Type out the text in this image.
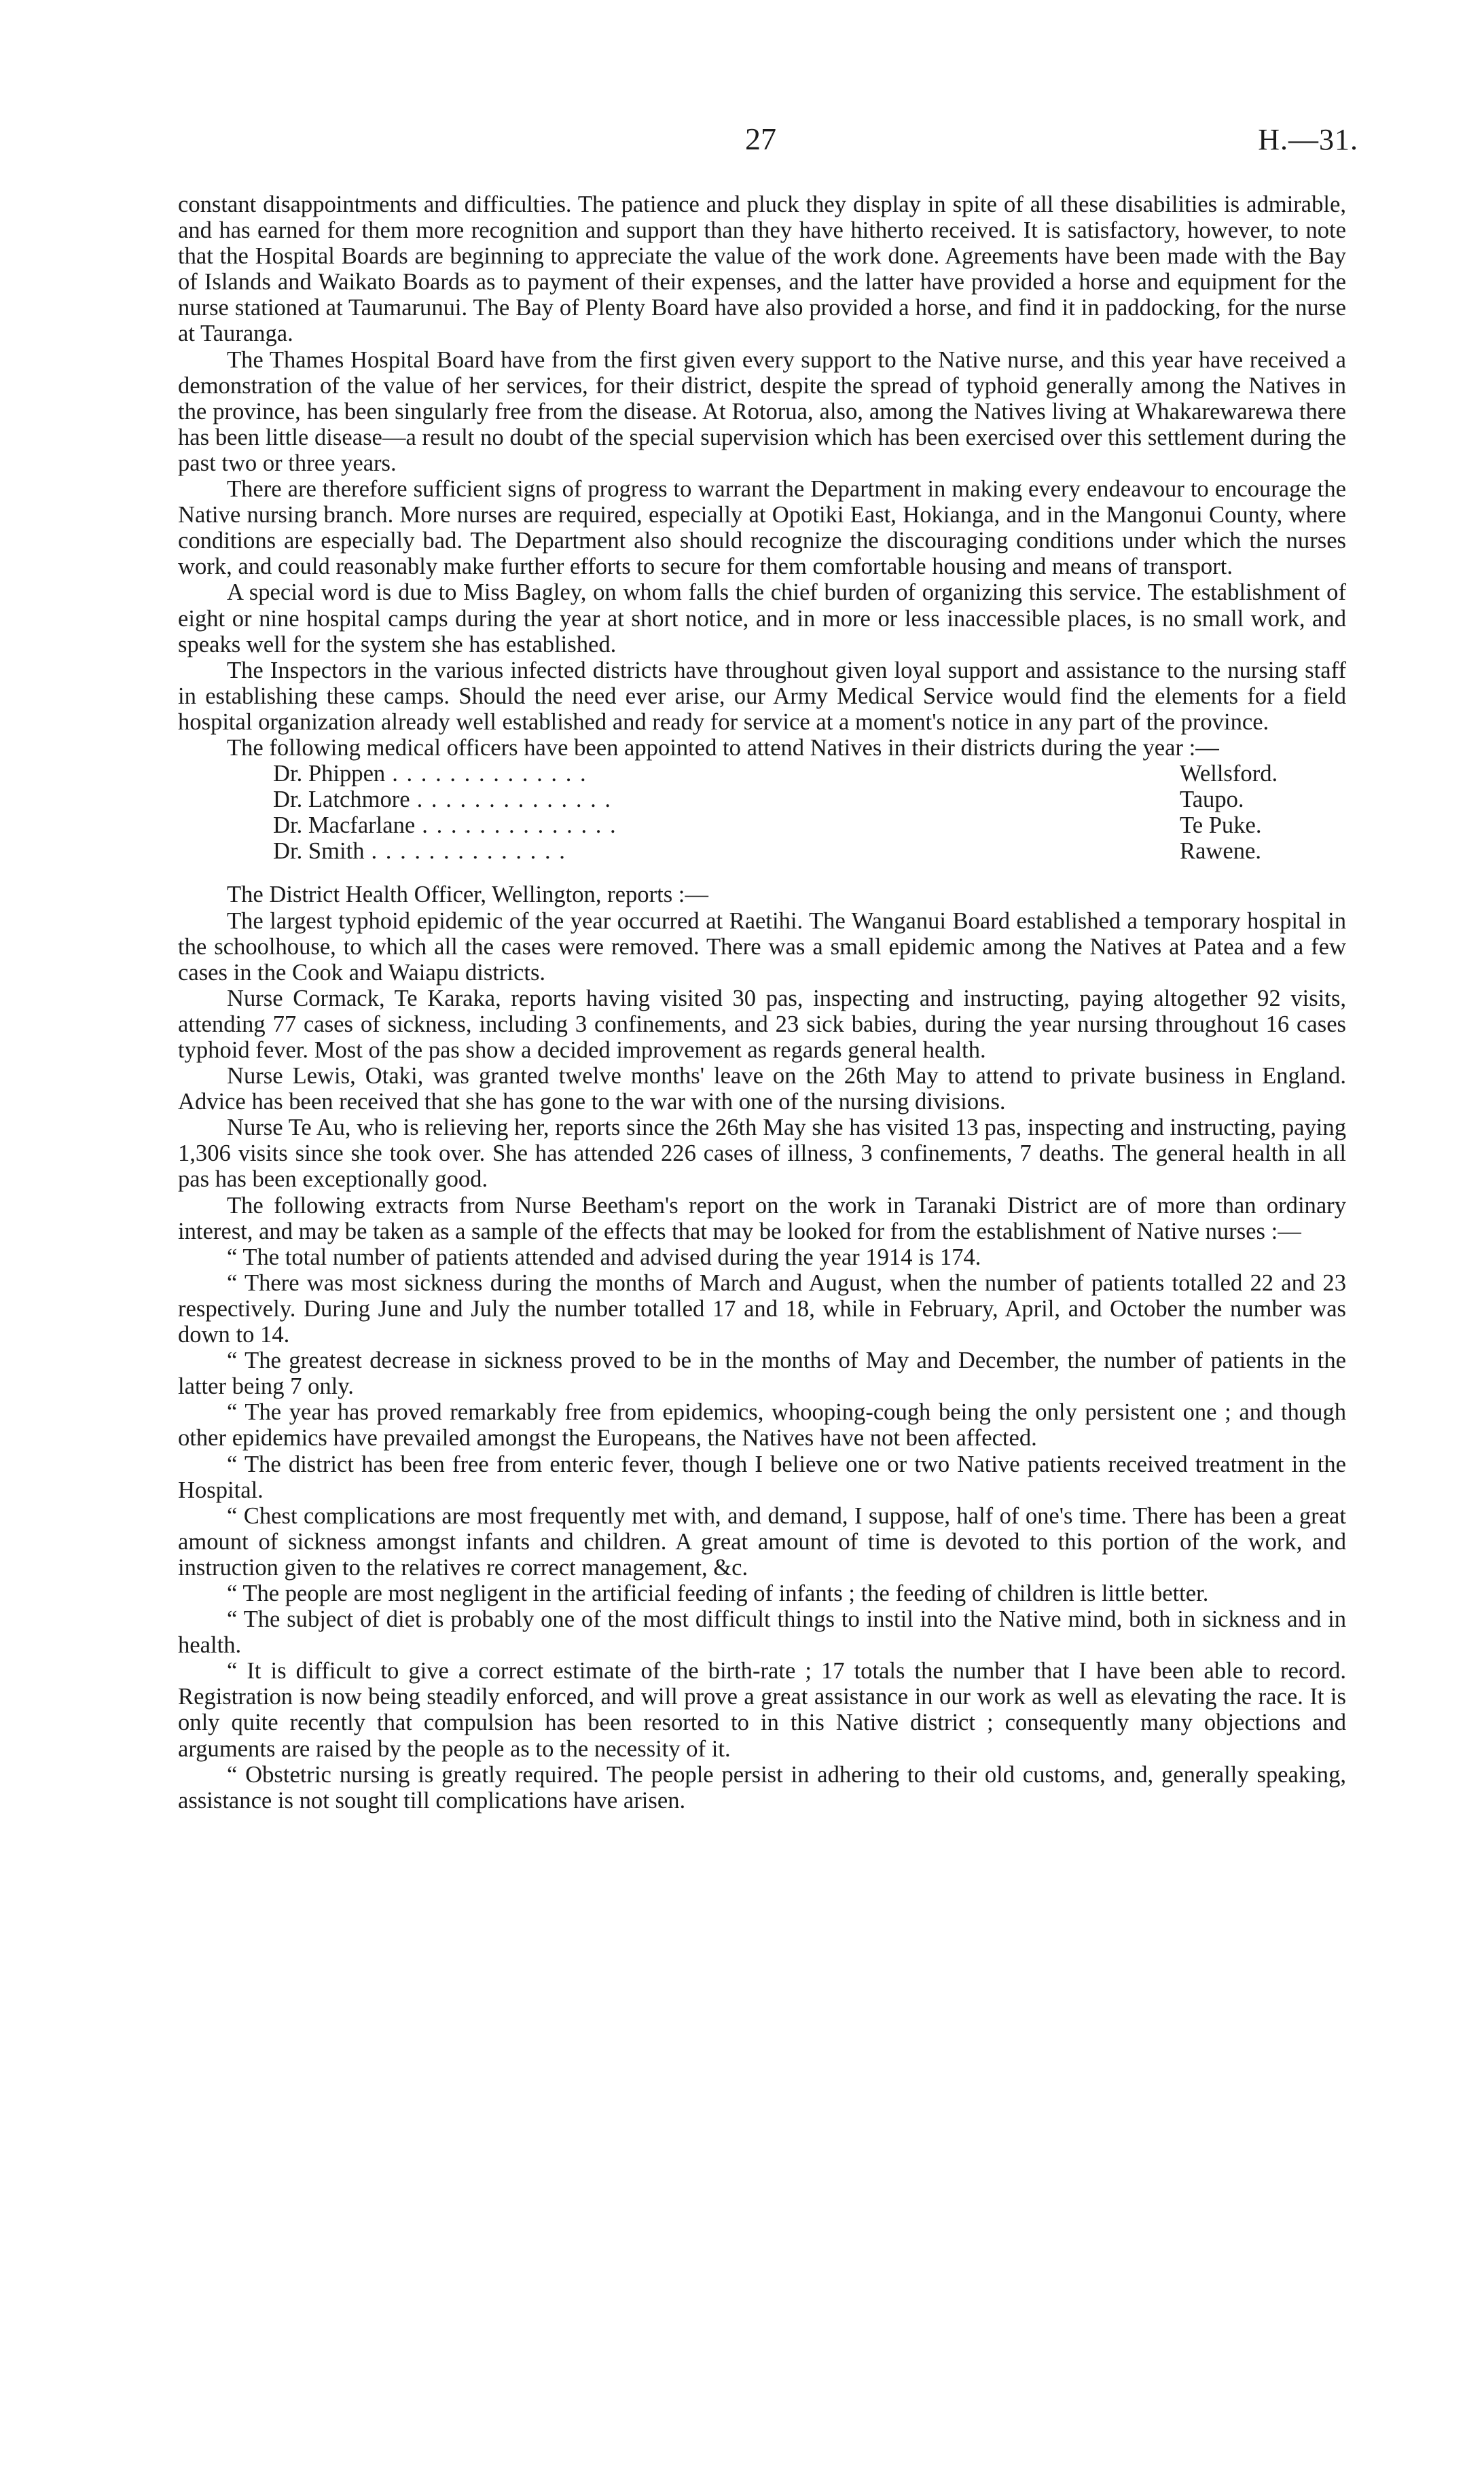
27	H.—31.

constant disappointments and difficulties. The patience and pluck they display in spite of all these disabilities is admirable, and has earned for them more recognition and support than they have hitherto received. It is satisfactory, however, to note that the Hospital Boards are beginning to appreciate the value of the work done. Agreements have been made with the Bay of Islands and Waikato Boards as to payment of their expenses, and the latter have provided a horse and equipment for the nurse stationed at Taumarunui. The Bay of Plenty Board have also provided a horse, and find it in paddocking, for the nurse at Tauranga.

The Thames Hospital Board have from the first given every support to the Native nurse, and this year have received a demonstration of the value of her services, for their district, despite the spread of typhoid generally among the Natives in the province, has been singularly free from the disease. At Rotorua, also, among the Natives living at Whakarewarewa there has been little disease—a result no doubt of the special supervision which has been exercised over this settlement during the past two or three years.

There are therefore sufficient signs of progress to warrant the Department in making every endeavour to encourage the Native nursing branch. More nurses are required, especially at Opotiki East, Hokianga, and in the Mangonui County, where conditions are especially bad. The Department also should recognize the discouraging conditions under which the nurses work, and could reasonably make further efforts to secure for them comfortable housing and means of transport.

A special word is due to Miss Bagley, on whom falls the chief burden of organizing this service. The establishment of eight or nine hospital camps during the year at short notice, and in more or less inaccessible places, is no small work, and speaks well for the system she has established.

The Inspectors in the various infected districts have throughout given loyal support and assistance to the nursing staff in establishing these camps. Should the need ever arise, our Army Medical Service would find the elements for a field hospital organization already well established and ready for service at a moment's notice in any part of the province.

The following medical officers have been appointed to attend Natives in their districts during the year :—

Dr. Phippen . . . . . . . . . . . . . .	Wellsford.
Dr. Latchmore . . . . . . . . . . . . . .	Taupo.
Dr. Macfarlane . . . . . . . . . . . . . .	Te Puke.
Dr. Smith . . . . . . . . . . . . . .	Rawene.

The District Health Officer, Wellington, reports :—

The largest typhoid epidemic of the year occurred at Raetihi. The Wanganui Board established a temporary hospital in the schoolhouse, to which all the cases were removed. There was a small epidemic among the Natives at Patea and a few cases in the Cook and Waiapu districts.

Nurse Cormack, Te Karaka, reports having visited 30 pas, inspecting and instructing, paying altogether 92 visits, attending 77 cases of sickness, including 3 confinements, and 23 sick babies, during the year nursing throughout 16 cases typhoid fever. Most of the pas show a decided improvement as regards general health.

Nurse Lewis, Otaki, was granted twelve months' leave on the 26th May to attend to private business in England. Advice has been received that she has gone to the war with one of the nursing divisions.

Nurse Te Au, who is relieving her, reports since the 26th May she has visited 13 pas, inspecting and instructing, paying 1,306 visits since she took over. She has attended 226 cases of illness, 3 confinements, 7 deaths. The general health in all pas has been exceptionally good.

The following extracts from Nurse Beetham's report on the work in Taranaki District are of more than ordinary interest, and may be taken as a sample of the effects that may be looked for from the establishment of Native nurses :—

“ The total number of patients attended and advised during the year 1914 is 174.

“ There was most sickness during the months of March and August, when the number of patients totalled 22 and 23 respectively. During June and July the number totalled 17 and 18, while in February, April, and October the number was down to 14.

“ The greatest decrease in sickness proved to be in the months of May and December, the number of patients in the latter being 7 only.

“ The year has proved remarkably free from epidemics, whooping-cough being the only persistent one ; and though other epidemics have prevailed amongst the Europeans, the Natives have not been affected.

“ The district has been free from enteric fever, though I believe one or two Native patients received treatment in the Hospital.

“ Chest complications are most frequently met with, and demand, I suppose, half of one's time. There has been a great amount of sickness amongst infants and children. A great amount of time is devoted to this portion of the work, and instruction given to the relatives re correct management, &c.

“ The people are most negligent in the artificial feeding of infants ; the feeding of children is little better.

“ The subject of diet is probably one of the most difficult things to instil into the Native mind, both in sickness and in health.

“ It is difficult to give a correct estimate of the birth-rate ; 17 totals the number that I have been able to record. Registration is now being steadily enforced, and will prove a great assistance in our work as well as elevating the race. It is only quite recently that compulsion has been resorted to in this Native district ; consequently many objections and arguments are raised by the people as to the necessity of it.

“ Obstetric nursing is greatly required. The people persist in adhering to their old customs, and, generally speaking, assistance is not sought till complications have arisen.
